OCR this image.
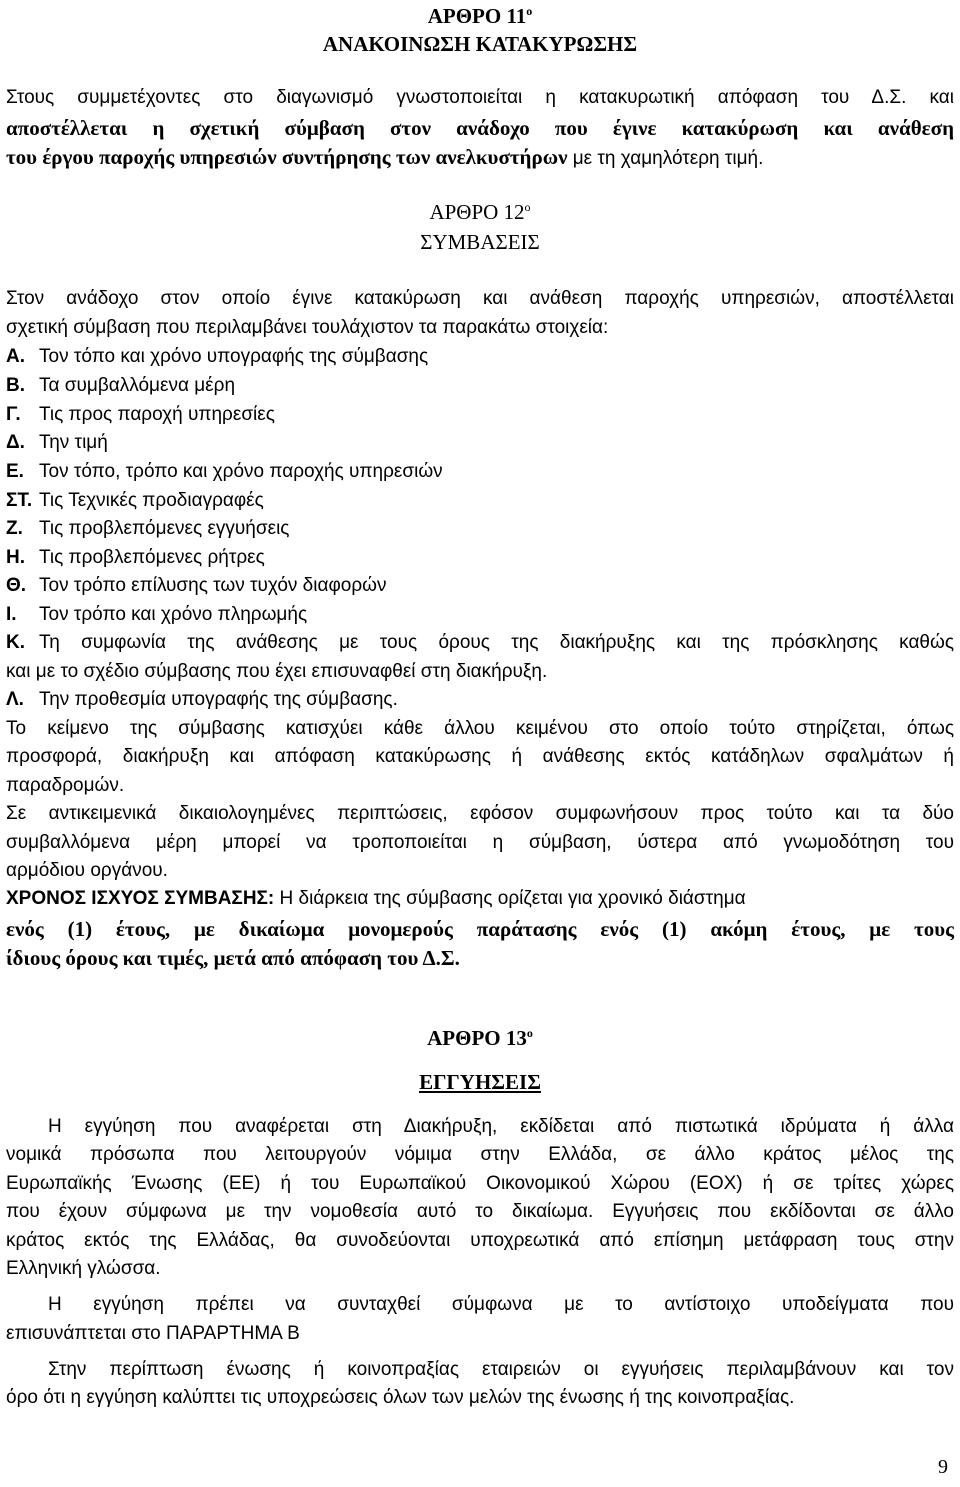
ΑΡΘΡΟ $11^o$
ΑΝΑΚΟΙΝΩΣΗ ΚΑΤΑΚΥΡΩΣΗΣ
Στους συμμετέχοντες στο διαγωνισμό γνωστοποιείται η κατακυρωτική απόφαση του Δ.Σ. και
αποστέλλεται η σχετική σύμβαση στον ανάδοχο που έγινε κατακύρωση και ανάθεση
του έργου παροχής υπηρεσιών συντήρησης των ανελκυστήρων με τη χαμηλότερη τιμή.
ΑΡΘΡΟ $12^o$
ΣΥΜΒΑΣΕΙΣ
Στον ανάδοχο στον οποίο έγινε κατακύρωση και ανάθεση παροχής υπηρεσιών, αποστέλλεται
σχετική σύμβαση που περιλαμβάνει τουλάχιστον τα παρακάτω στοιχεία:
Α. Τον τόπο και χρόνο υπογραφής της σύμβασης
Β. Τα συμβαλλόμενα μέρη
Γ. Τις προς παροχή υπηρεσίες
Δ. Την τιμή
Ε. Τον τόπο, τρόπο και χρόνο παροχής υπηρεσιών
ΣΤ. Τις Τεχνικές προδιαγραφές
Ζ. Τις προβλεπόμενες εγγυήσεις
Η. Τις προβλεπόμενες ρήτρες
Θ. Τον τρόπο επίλυσης των τυχόν διαφορών
Ι. Τον τρόπο και χρόνο πληρωμής
Κ. Τη συμφωνία της ανάθεσης με τους όρους της διακήρυξης και της πρόσκλησης καθώς
και με το σχέδιο σύμβασης που έχει επισυναφθεί στη διακήρυξη.
Λ. Την προθεσμία υπογραφής της σύμβασης.
Το κείμενο της σύμβασης κατισχύει κάθε άλλου κειμένου στο οποίο τούτο στηρίζεται, όπως
προσφορά, διακήρυξη και απόφαση κατακύρωσης ή ανάθεσης εκτός κατάδηλων σφαλμάτων ή
παραδρομών.
Σε αντικειμενικά δικαιολογημένες περιπτώσεις, εφόσον συμφωνήσουν προς τούτο και τα δύο
συμβαλλόμενα μέρη μπορεί να τροποποιείται η σύμβαση, ύστερα από γνωμοδότηση του
αρμόδιου οργάνου.
ΧΡΟΝΟΣ ΙΣΧΥΟΣ ΣΥΜΒΑΣΗΣ: Η διάρκεια της σύμβασης ορίζεται για χρονικό διάστημα
ενός (1) έτους, με δικαίωμα μονομερούς παράτασης ενός (1) ακόμη έτους, με τους
ίδιους όρους και τιμές, μετά από απόφαση του Δ.Σ.
ΑΡΘΡΟ $13^o$
ΕΓΓΥΗΣΕΙΣ
Η εγγύηση που αναφέρεται στη Διακήρυξη, εκδίδεται από πιστωτικά ιδρύματα ή άλλα
νομικά πρόσωπα που λειτουργούν νόμιμα στην Ελλάδα, σε άλλο κράτος μέλος της
Ευρωπαϊκής Ένωσης (ΕΕ) ή του Ευρωπαϊκού Οικονομικού Χώρου (ΕΟΧ) ή σε τρίτες χώρες
που έχουν σύμφωνα με την νομοθεσία αυτό το δικαίωμα. Εγγυήσεις που εκδίδονται σε άλλο
κράτος εκτός της Ελλάδας, θα συνοδεύονται υποχρεωτικά από επίσημη μετάφραση τους στην
Ελληνική γλώσσα.
Η εγγύηση πρέπει να συνταχθεί σύμφωνα με το αντίστοιχο υποδείγματα που
επισυνάπτεται στο ΠΑΡΑΡΤΗΜΑ Β
Στην περίπτωση ένωσης ή κοινοπραξίας εταιρειών οι εγγυήσεις περιλαμβάνουν και τον
όρο ότι η εγγύηση καλύπτει τις υποχρεώσεις όλων των μελών της ένωσης ή της κοινοπραξίας.
9
